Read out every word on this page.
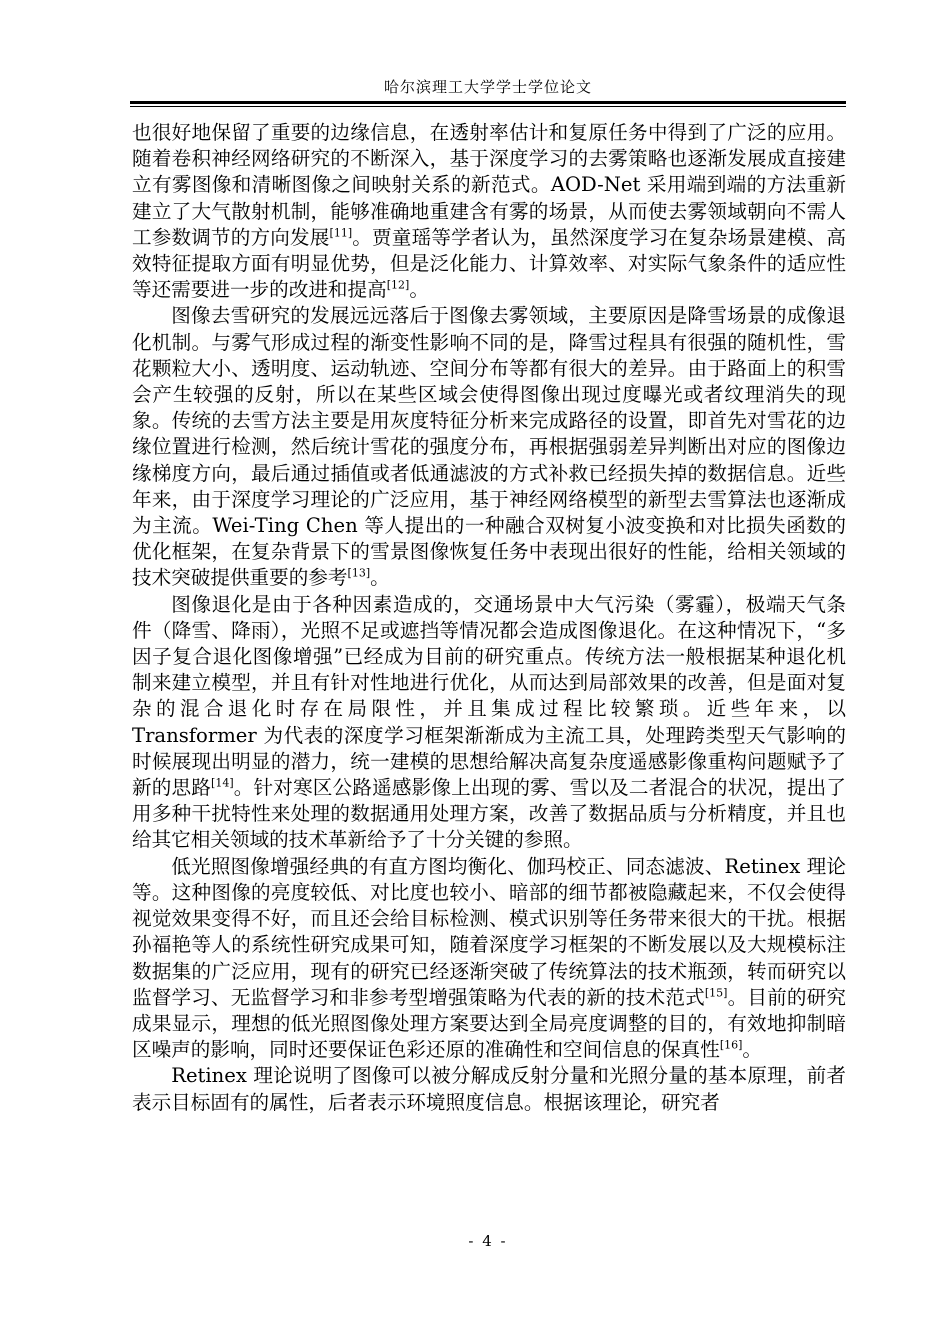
哈尔滨理工大学学士学位论文

也很好地保留了重要的边缘信息，在透射率估计和复原任务中得到了广泛的应用。随着卷积神经网络研究的不断深入，基于深度学习的去雾策略也逐渐发展成直接建立有雾图像和清晰图像之间映射关系的新范式。AOD-Net 采用端到端的方法重新建立了大气散射机制，能够准确地重建含有雾的场景，从而使去雾领域朝向不需人工参数调节的方向发展[11]。贾童瑶等学者认为，虽然深度学习在复杂场景建模、高效特征提取方面有明显优势，但是泛化能力、计算效率、对实际气象条件的适应性等还需要进一步的改进和提高[12]。

图像去雪研究的发展远远落后于图像去雾领域，主要原因是降雪场景的成像退化机制。与雾气形成过程的渐变性影响不同的是，降雪过程具有很强的随机性，雪花颗粒大小、透明度、运动轨迹、空间分布等都有很大的差异。由于路面上的积雪会产生较强的反射，所以在某些区域会使得图像出现过度曝光或者纹理消失的现象。传统的去雪方法主要是用灰度特征分析来完成路径的设置，即首先对雪花的边缘位置进行检测，然后统计雪花的强度分布，再根据强弱差异判断出对应的图像边缘梯度方向，最后通过插值或者低通滤波的方式补救已经损失掉的数据信息。近些年来，由于深度学习理论的广泛应用，基于神经网络模型的新型去雪算法也逐渐成为主流。Wei-Ting Chen 等人提出的一种融合双树复小波变换和对比损失函数的优化框架，在复杂背景下的雪景图像恢复任务中表现出很好的性能，给相关领域的技术突破提供重要的参考[13]。

图像退化是由于各种因素造成的，交通场景中大气污染（雾霾），极端天气条件（降雪、降雨），光照不足或遮挡等情况都会造成图像退化。在这种情况下，“多因子复合退化图像增强”已经成为目前的研究重点。传统方法一般根据某种退化机制来建立模型，并且有针对性地进行优化，从而达到局部效果的改善，但是面对复杂的混合退化时存在局限性，并且集成过程比较繁琐。近些年来，以 Transformer 为代表的深度学习框架渐渐成为主流工具，处理跨类型天气影响的时候展现出明显的潜力，统一建模的思想给解决高复杂度遥感影像重构问题赋予了新的思路[14]。针对寒区公路遥感影像上出现的雾、雪以及二者混合的状况，提出了用多种干扰特性来处理的数据通用处理方案，改善了数据品质与分析精度，并且也给其它相关领域的技术革新给予了十分关键的参照。

低光照图像增强经典的有直方图均衡化、伽玛校正、同态滤波、Retinex 理论等。这种图像的亮度较低、对比度也较小、暗部的细节都被隐藏起来，不仅会使得视觉效果变得不好，而且还会给目标检测、模式识别等任务带来很大的干扰。根据孙福艳等人的系统性研究成果可知，随着深度学习框架的不断发展以及大规模标注数据集的广泛应用，现有的研究已经逐渐突破了传统算法的技术瓶颈，转而研究以监督学习、无监督学习和非参考型增强策略为代表的新的技术范式[15]。目前的研究成果显示，理想的低光照图像处理方案要达到全局亮度调整的目的，有效地抑制暗区噪声的影响，同时还要保证色彩还原的准确性和空间信息的保真性[16]。

Retinex 理论说明了图像可以被分解成反射分量和光照分量的基本原理，前者表示目标固有的属性，后者表示环境照度信息。根据该理论，研究者

- 4 -
